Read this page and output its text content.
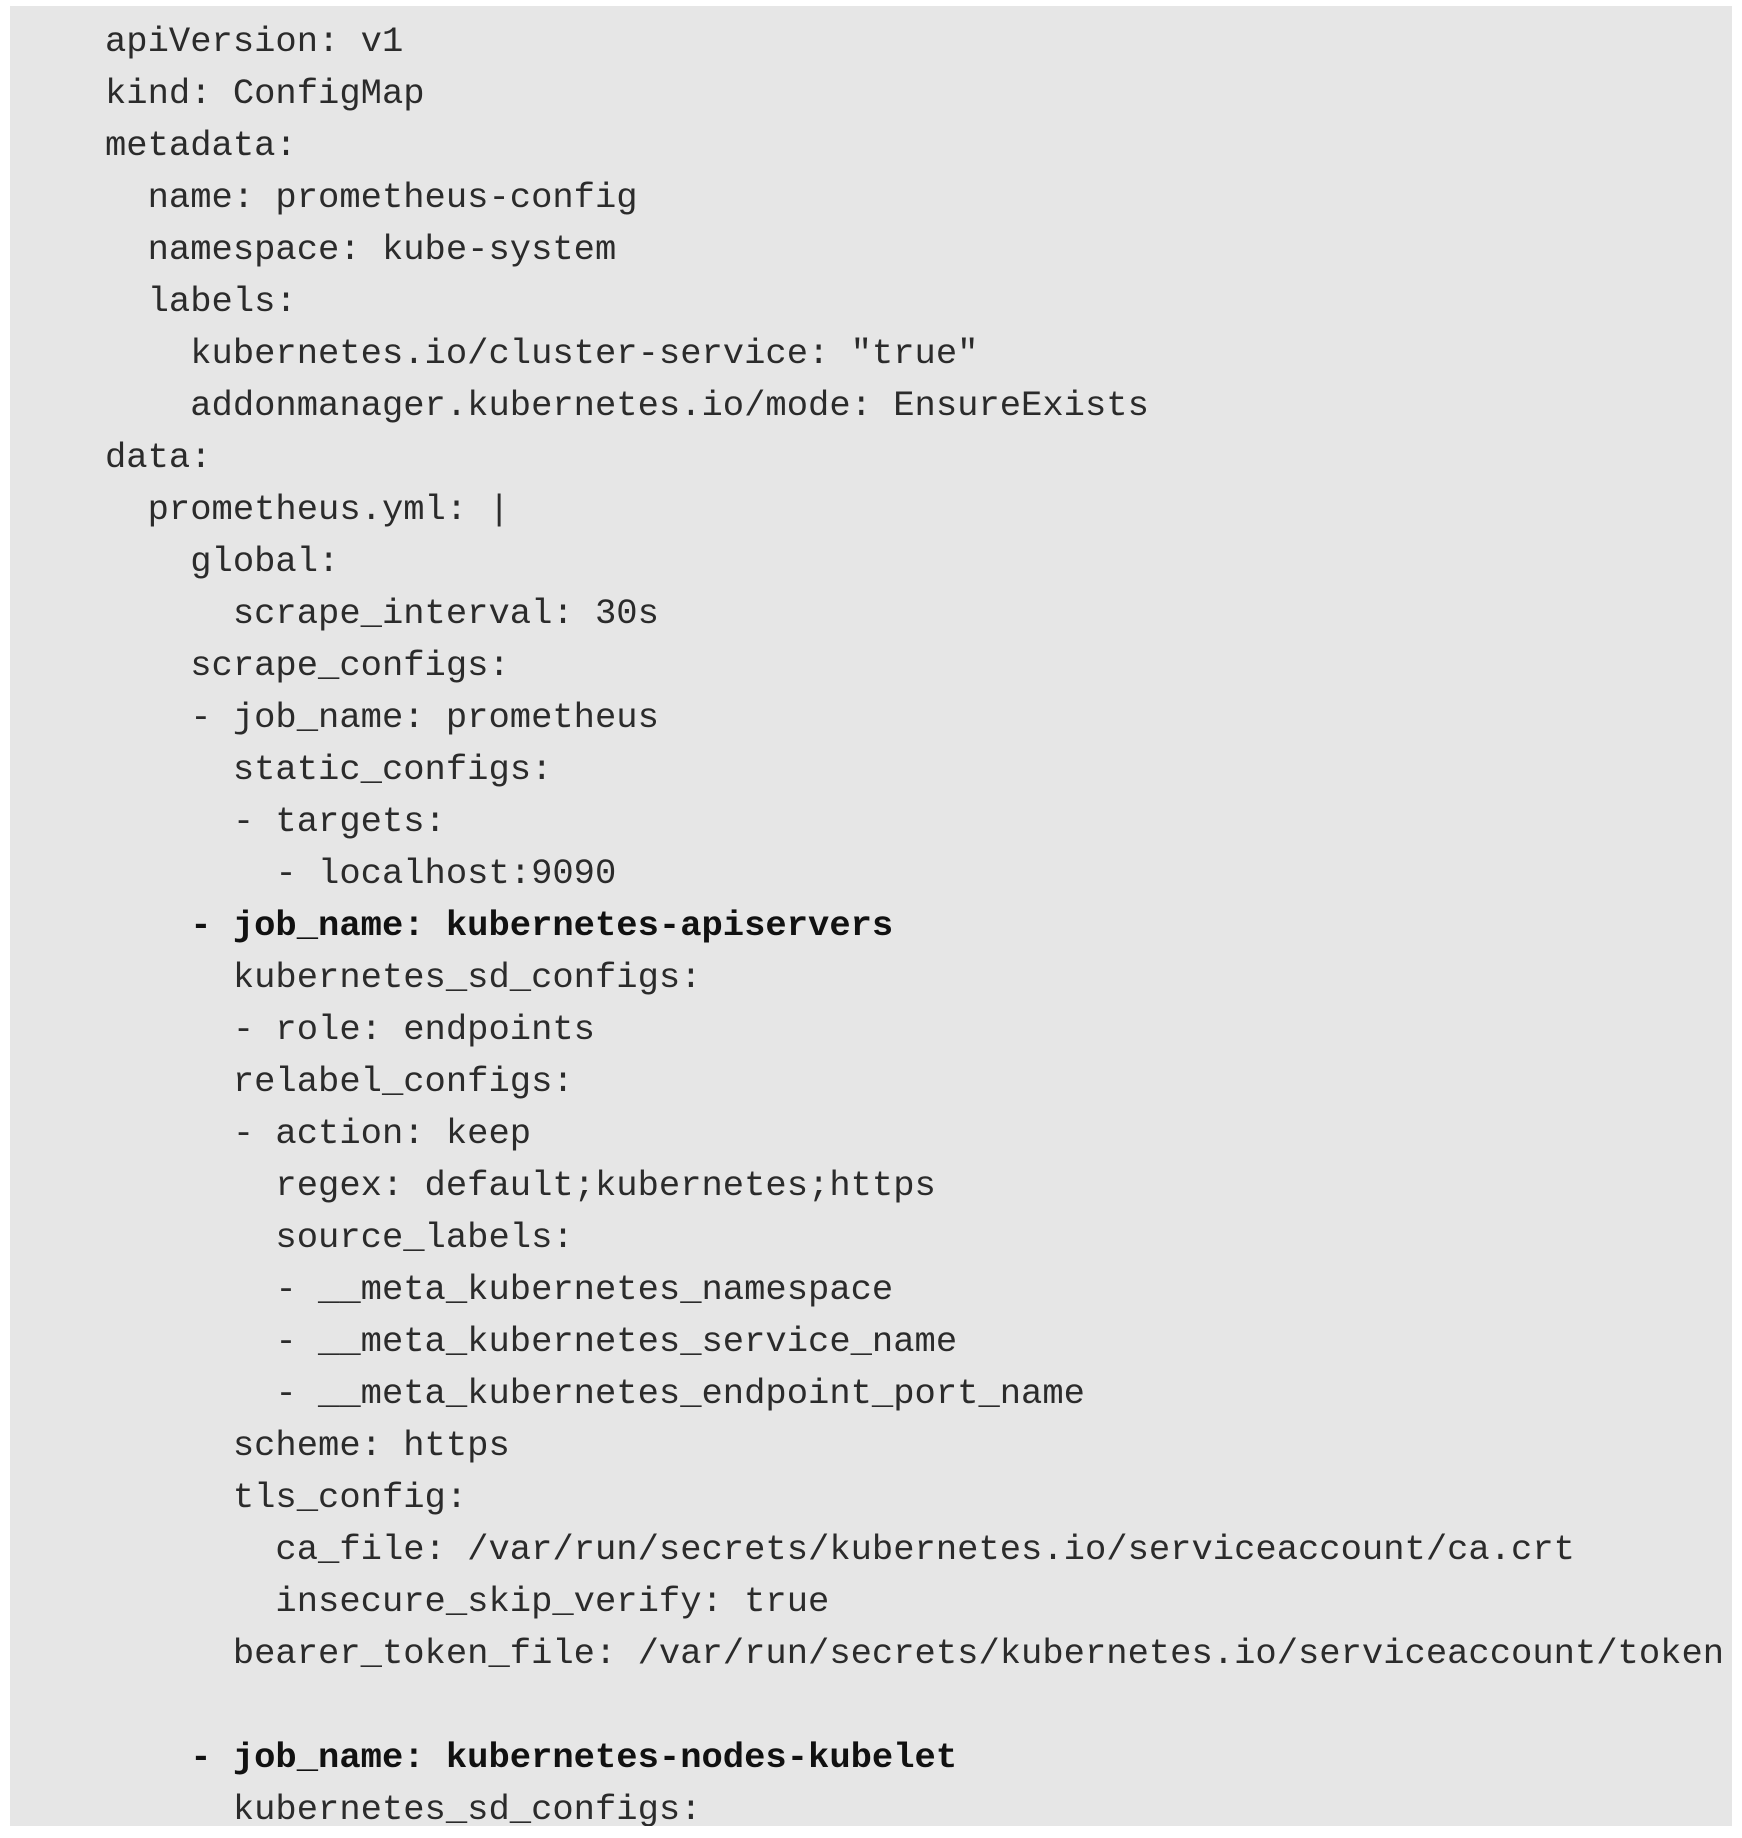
apiVersion: v1
kind: ConfigMap
metadata:
name: prometheus-config
namespace: kube-system
labels:
kubernetes.io/cluster-service: "true"
addonmanager.kubernetes.io/mode: EnsureExists
data:
prometheus.yml: |
global:
scrape_interval: 30s
scrape_configs:
- job_name: prometheus
static_configs:
- targets:
- localhost:9090
- job_name: kubernetes-apiservers
kubernetes_sd_configs:
- role: endpoints
relabel_configs:
- action: keep
regex: default;kubernetes;https
source_labels:
- __meta_kubernetes_namespace
- __meta_kubernetes_service_name
- __meta_kubernetes_endpoint_port_name
scheme: https
tls_config:
ca_file: /var/run/secrets/kubernetes.io/serviceaccount/ca.crt
insecure_skip_verify: true
bearer_token_file: /var/run/secrets/kubernetes.io/serviceaccount/token
- job_name: kubernetes-nodes-kubelet
kubernetes_sd_configs:
